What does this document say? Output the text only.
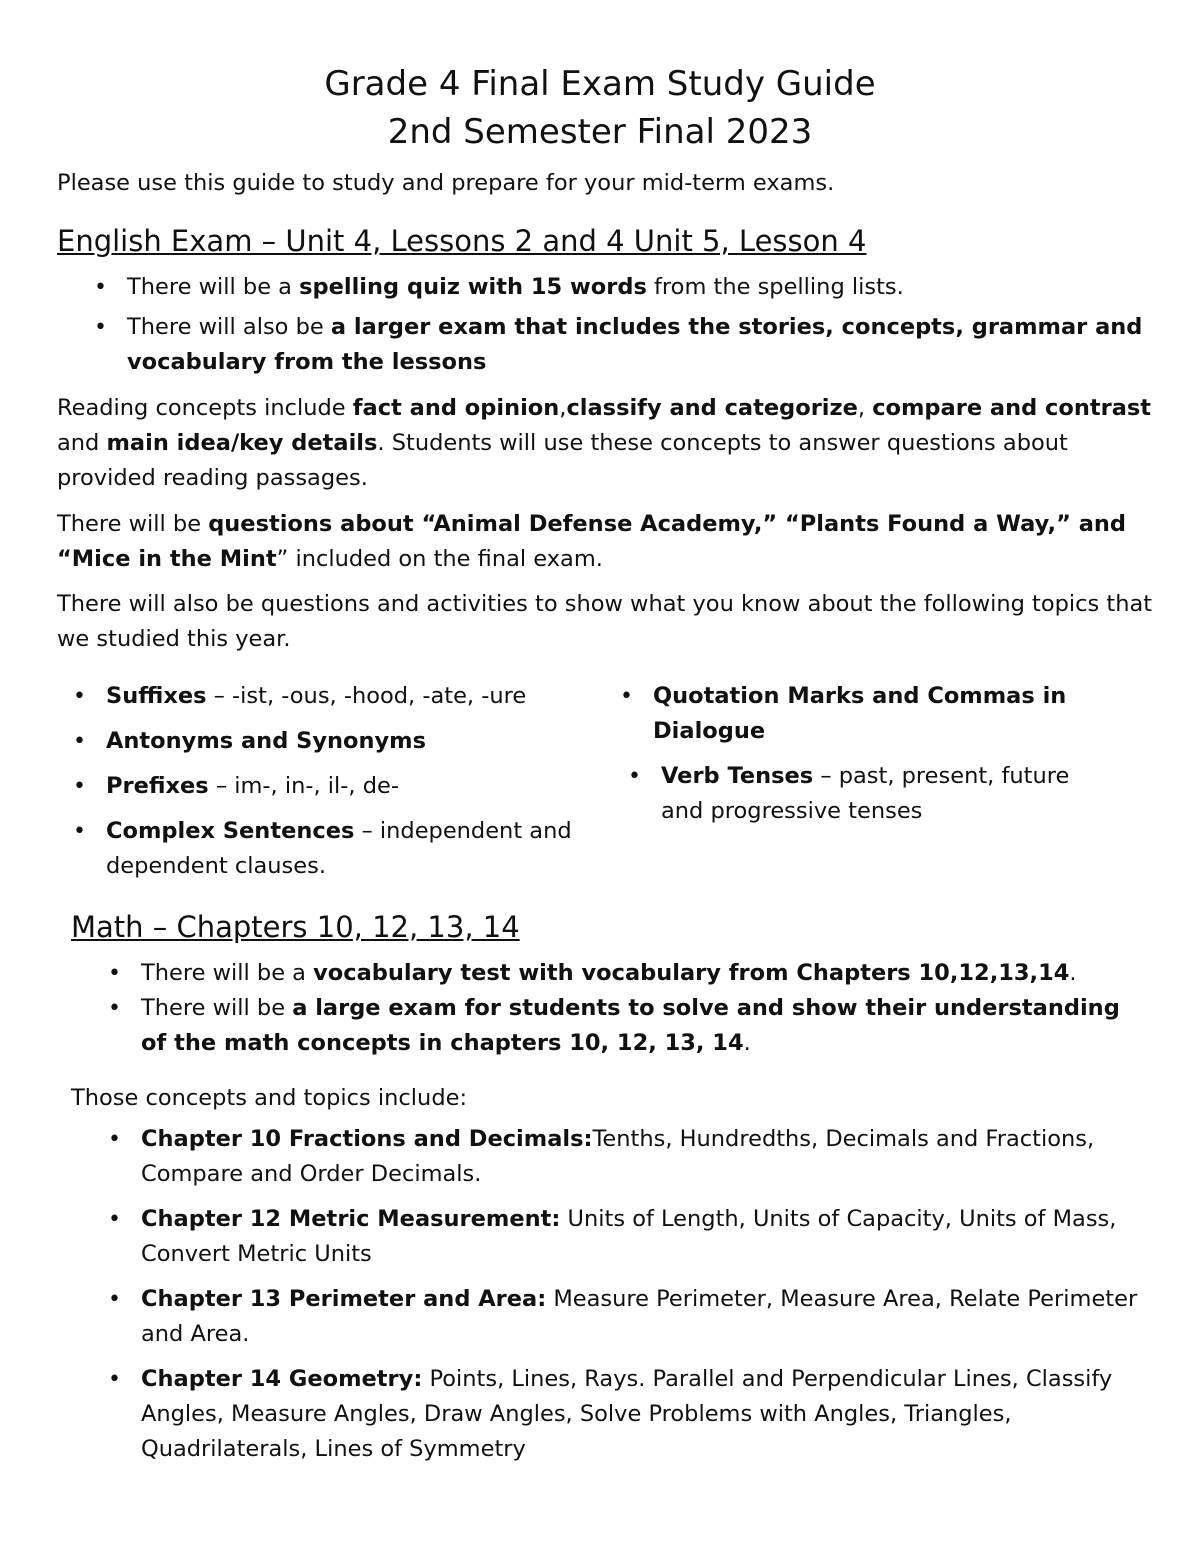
Grade 4 Final Exam Study Guide
2nd Semester Final 2023

Please use this guide to study and prepare for your mid-term exams.

English Exam – Unit 4, Lessons 2 and 4 Unit 5, Lesson 4
• There will be a spelling quiz with 15 words from the spelling lists.
• There will also be a larger exam that includes the stories, concepts, grammar and vocabulary from the lessons

Reading concepts include fact and opinion,classify and categorize, compare and contrast and main idea/key details. Students will use these concepts to answer questions about provided reading passages.

There will be questions about “Animal Defense Academy,” “Plants Found a Way,” and “Mice in the Mint” included on the final exam.

There will also be questions and activities to show what you know about the following topics that we studied this year.

• Suffixes – -ist, -ous, -hood, -ate, -ure
• Antonyms and Synonyms
• Prefixes – im-, in-, il-, de-
• Complex Sentences – independent and dependent clauses.
• Quotation Marks and Commas in Dialogue
• Verb Tenses – past, present, future and progressive tenses
Math – Chapters 10, 12, 13, 14
• There will be a vocabulary test with vocabulary from Chapters 10,12,13,14.
• There will be a large exam for students to solve and show their understanding of the math concepts in chapters 10, 12, 13, 14.

Those concepts and topics include:

• Chapter 10 Fractions and Decimals:Tenths, Hundredths, Decimals and Fractions, Compare and Order Decimals.
• Chapter 12 Metric Measurement: Units of Length, Units of Capacity, Units of Mass, Convert Metric Units
• Chapter 13 Perimeter and Area: Measure Perimeter, Measure Area, Relate Perimeter and Area.
• Chapter 14 Geometry: Points, Lines, Rays. Parallel and Perpendicular Lines, Classify Angles, Measure Angles, Draw Angles, Solve Problems with Angles, Triangles, Quadrilaterals, Lines of Symmetry
